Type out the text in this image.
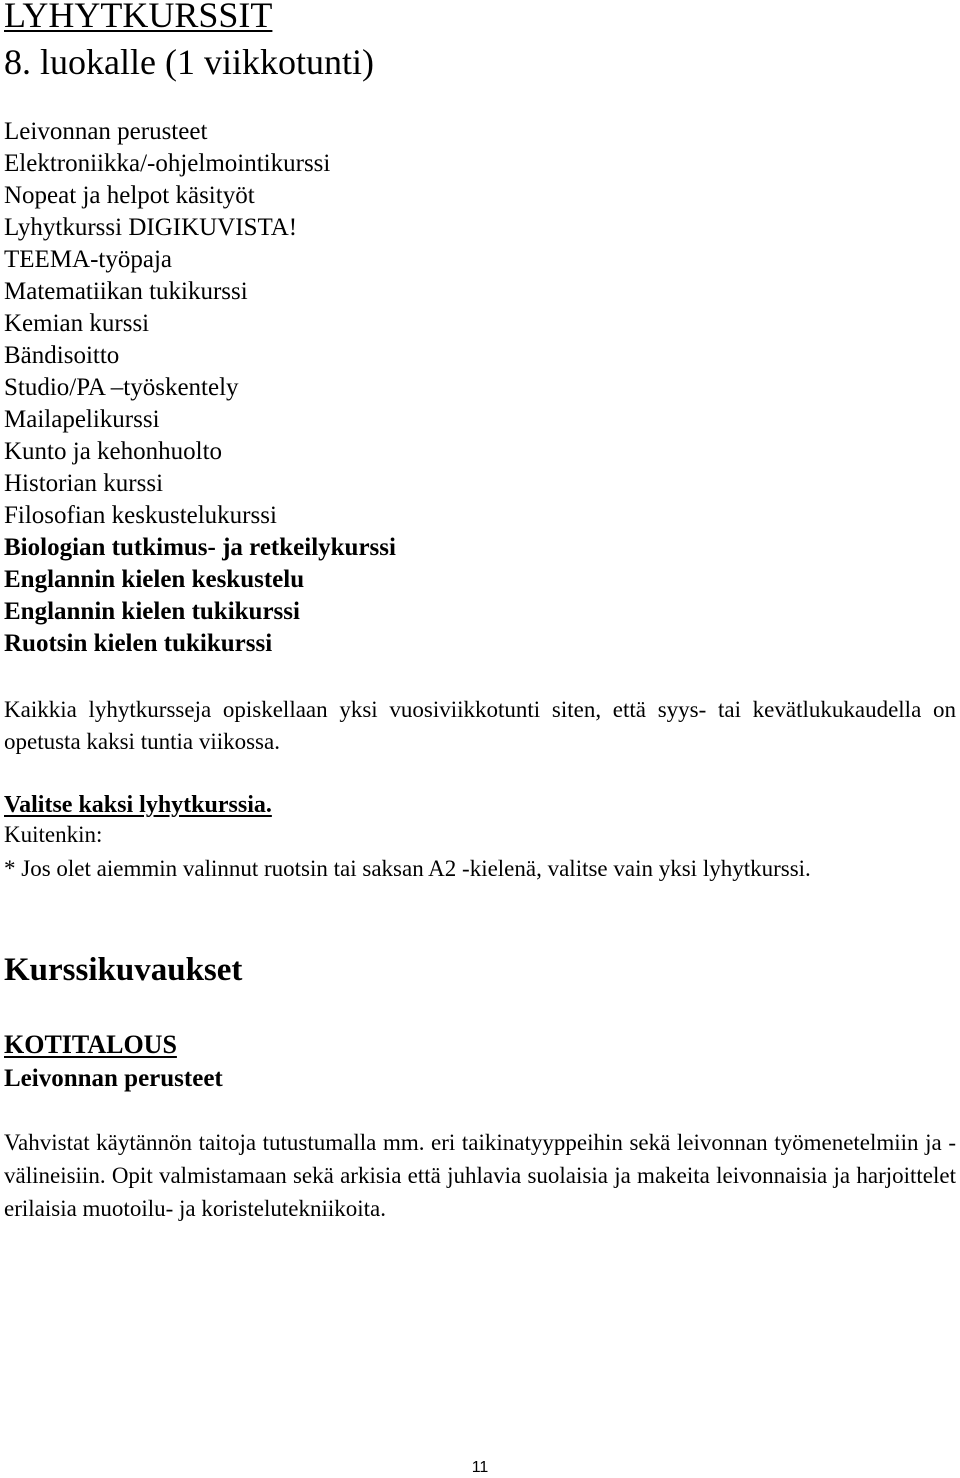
LYHYTKURSSIT
8. luokalle (1 viikkotunti)
Leivonnan perusteet
Elektroniikka/-ohjelmointikurssi
Nopeat ja helpot käsityöt
Lyhytkurssi DIGIKUVISTA!
TEEMA-työpaja
Matematiikan tukikurssi
Kemian kurssi
Bändisoitto
Studio/PA –työskentely
Mailapelikurssi
Kunto ja kehonhuolto
Historian kurssi
Filosofian keskustelukurssi
Biologian tutkimus- ja retkeilykurssi
Englannin kielen keskustelu
Englannin kielen tukikurssi
Ruotsin kielen tukikurssi

Kaikkia lyhytkursseja opiskellaan yksi vuosiviikkotunti siten, että syys- tai kevätlukukaudella on opetusta kaksi tuntia viikossa.

Valitse kaksi lyhytkurssia.
Kuitenkin:

* Jos olet aiemmin valinnut ruotsin tai saksan A2 -kielenä, valitse vain yksi lyhytkurssi.

Kurssikuvaukset
KOTITALOUS
Leivonnan perusteet

Vahvistat käytännön taitoja tutustumalla mm. eri taikinatyyppeihin sekä leivonnan työmenetelmiin ja -välineisiin. Opit valmistamaan sekä arkisia että juhlavia suolaisia ja makeita leivonnaisia ja harjoittelet erilaisia muotoilu- ja koristelutekniikoita.

11
